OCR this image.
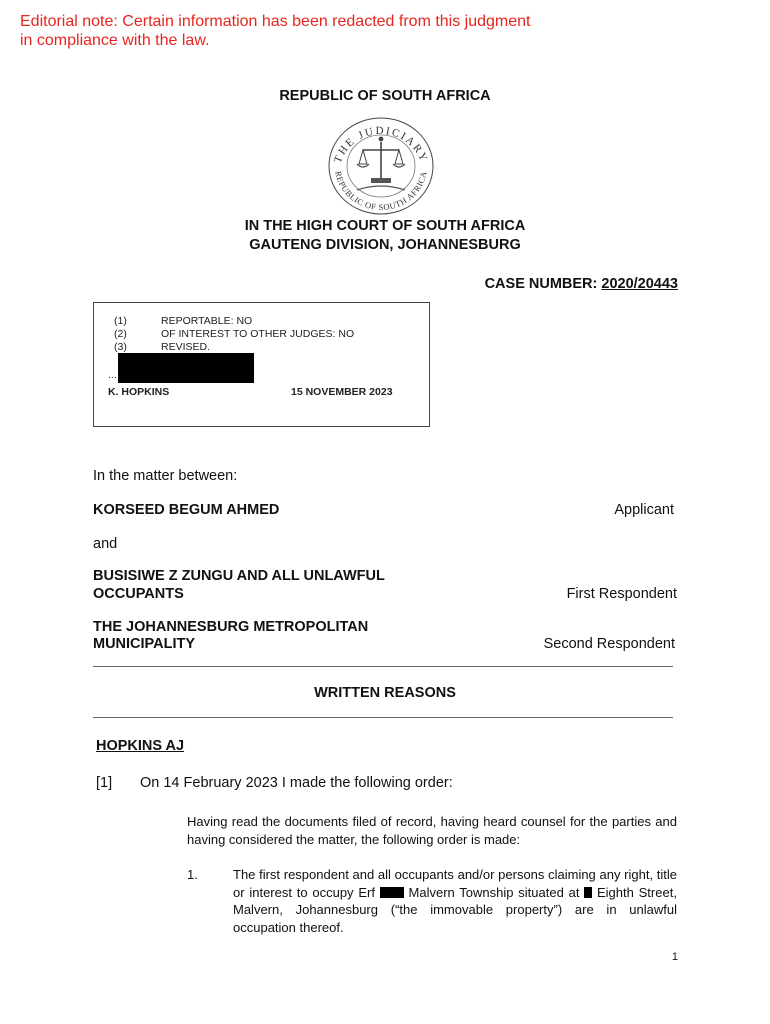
Editorial note: Certain information has been redacted from this judgment in compliance with the law.
REPUBLIC OF SOUTH AFRICA
THE JUDICIARY
REPUBLIC OF SOUTH AFRICA
IN THE HIGH COURT OF SOUTH AFRICA
GAUTENG DIVISION, JOHANNESBURG
CASE NUMBER: 2020/20443
(1)	REPORTABLE: NO
(2)	OF INTEREST TO OTHER JUDGES: NO
(3)	REVISED.
...
K. HOPKINS	15 NOVEMBER 2023
In the matter between:
KORSEED BEGUM AHMED	Applicant
and
BUSISIWE Z ZUNGU AND ALL UNLAWFUL
OCCUPANTS	First Respondent
THE JOHANNESBURG METROPOLITAN
MUNICIPALITY	Second Respondent
WRITTEN REASONS
HOPKINS AJ
[1] On 14 February 2023 I made the following order:
Having read the documents filed of record, having heard counsel for the parties and having considered the matter, the following order is made:
1.	The first respondent and all occupants and/or persons claiming any right, title or interest to occupy Erf	Malvern Township situated at Eighth Street, Malvern, Johannesburg (“the immovable property”) are in unlawful occupation thereof.
1
